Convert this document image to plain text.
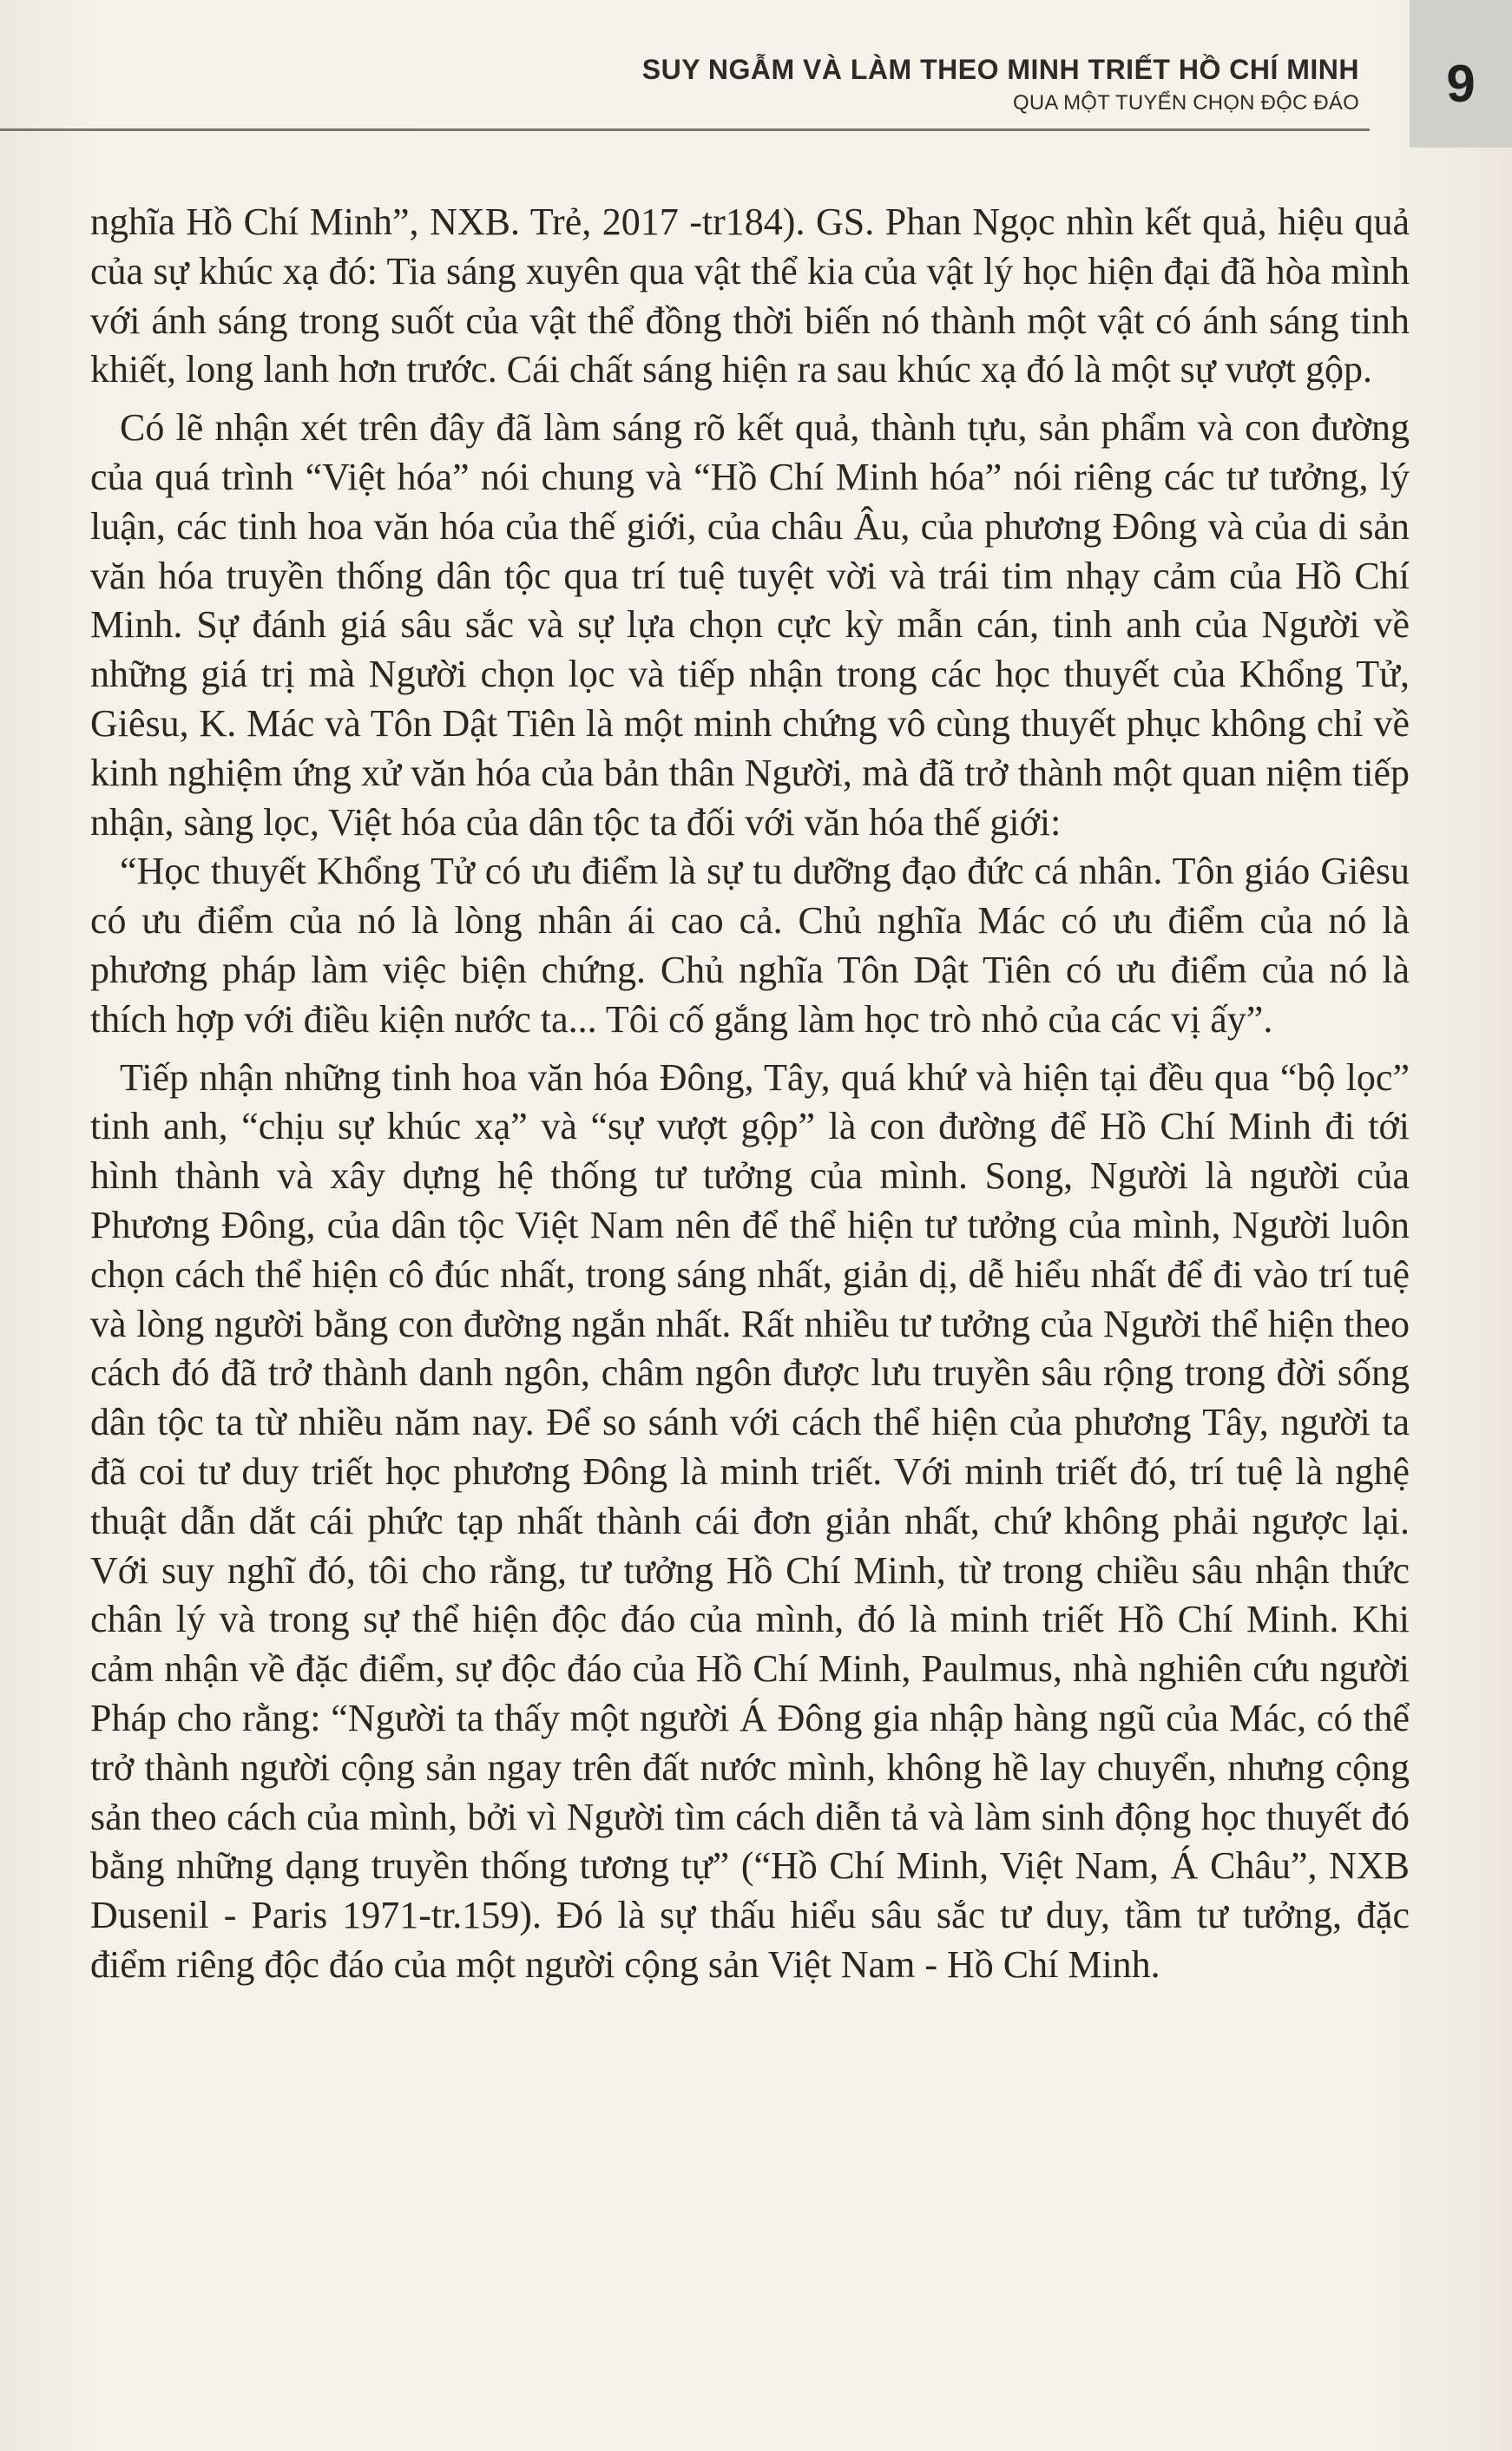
SUY NGẪM VÀ LÀM THEO MINH TRIẾT HỒ CHÍ MINH
QUA MỘT TUYỂN CHỌN ĐỘC ĐÁO	9

nghĩa Hồ Chí Minh”, NXB. Trẻ, 2017 -tr184). GS. Phan Ngọc nhìn kết quả, hiệu quả của sự khúc xạ đó: Tia sáng xuyên qua vật thể kia của vật lý học hiện đại đã hòa mình với ánh sáng trong suốt của vật thể đồng thời biến nó thành một vật có ánh sáng tinh khiết, long lanh hơn trước. Cái chất sáng hiện ra sau khúc xạ đó là một sự vượt gộp.

Có lẽ nhận xét trên đây đã làm sáng rõ kết quả, thành tựu, sản phẩm và con đường của quá trình “Việt hóa” nói chung và “Hồ Chí Minh hóa” nói riêng các tư tưởng, lý luận, các tinh hoa văn hóa của thế giới, của châu Âu, của phương Đông và của di sản văn hóa truyền thống dân tộc qua trí tuệ tuyệt vời và trái tim nhạy cảm của Hồ Chí Minh. Sự đánh giá sâu sắc và sự lựa chọn cực kỳ mẫn cán, tinh anh của Người về những giá trị mà Người chọn lọc và tiếp nhận trong các học thuyết của Khổng Tử, Giêsu, K. Mác và Tôn Dật Tiên là một minh chứng vô cùng thuyết phục không chỉ về kinh nghiệm ứng xử văn hóa của bản thân Người, mà đã trở thành một quan niệm tiếp nhận, sàng lọc, Việt hóa của dân tộc ta đối với văn hóa thế giới:

“Học thuyết Khổng Tử có ưu điểm là sự tu dưỡng đạo đức cá nhân. Tôn giáo Giêsu có ưu điểm của nó là lòng nhân ái cao cả. Chủ nghĩa Mác có ưu điểm của nó là phương pháp làm việc biện chứng. Chủ nghĩa Tôn Dật Tiên có ưu điểm của nó là thích hợp với điều kiện nước ta... Tôi cố gắng làm học trò nhỏ của các vị ấy”.

Tiếp nhận những tinh hoa văn hóa Đông, Tây, quá khứ và hiện tại đều qua “bộ lọc” tinh anh, “chịu sự khúc xạ” và “sự vượt gộp” là con đường để Hồ Chí Minh đi tới hình thành và xây dựng hệ thống tư tưởng của mình. Song, Người là người của Phương Đông, của dân tộc Việt Nam nên để thể hiện tư tưởng của mình, Người luôn chọn cách thể hiện cô đúc nhất, trong sáng nhất, giản dị, dễ hiểu nhất để đi vào trí tuệ và lòng người bằng con đường ngắn nhất. Rất nhiều tư tưởng của Người thể hiện theo cách đó đã trở thành danh ngôn, châm ngôn được lưu truyền sâu rộng trong đời sống dân tộc ta từ nhiều năm nay. Để so sánh với cách thể hiện của phương Tây, người ta đã coi tư duy triết học phương Đông là minh triết. Với minh triết đó, trí tuệ là nghệ thuật dẫn dắt cái phức tạp nhất thành cái đơn giản nhất, chứ không phải ngược lại. Với suy nghĩ đó, tôi cho rằng, tư tưởng Hồ Chí Minh, từ trong chiều sâu nhận thức chân lý và trong sự thể hiện độc đáo của mình, đó là minh triết Hồ Chí Minh. Khi cảm nhận về đặc điểm, sự độc đáo của Hồ Chí Minh, Paulmus, nhà nghiên cứu người Pháp cho rằng: “Người ta thấy một người Á Đông gia nhập hàng ngũ của Mác, có thể trở thành người cộng sản ngay trên đất nước mình, không hề lay chuyển, nhưng cộng sản theo cách của mình, bởi vì Người tìm cách diễn tả và làm sinh động học thuyết đó bằng những dạng truyền thống tương tự” (“Hồ Chí Minh, Việt Nam, Á Châu”, NXB Dusenil - Paris 1971-tr.159). Đó là sự thấu hiểu sâu sắc tư duy, tầm tư tưởng, đặc điểm riêng độc đáo của một người cộng sản Việt Nam - Hồ Chí Minh.
